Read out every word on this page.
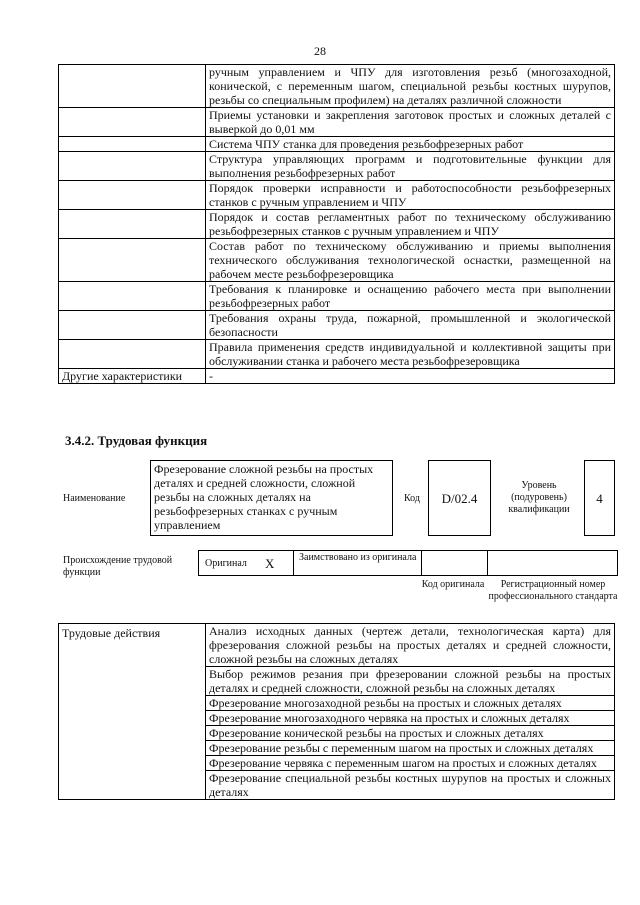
28
	ручным управлением и ЧПУ для изготовления резьб (многозаходной, конической, с переменным шагом, специальной резьбы костных шурупов, резьбы со специальным профилем) на деталях различной сложности
	Приемы установки и закрепления заготовок простых и сложных деталей с выверкой до 0,01 мм
	Система ЧПУ станка для проведения резьбофрезерных работ
	Структура управляющих программ и подготовительные функции для выполнения резьбофрезерных работ
	Порядок проверки исправности и работоспособности резьбофрезерных станков с ручным управлением и ЧПУ
	Порядок и состав регламентных работ по техническому обслуживанию резьбофрезерных станков с ручным управлением и ЧПУ
	Состав работ по техническому обслуживанию и приемы выполнения технического обслуживания технологической оснастки, размещенной на рабочем месте резьбофрезеровщика
	Требования к планировке и оснащению рабочего места при выполнении резьбофрезерных работ
	Требования охраны труда, пожарной, промышленной и экологической безопасности
	Правила применения средств индивидуальной и коллективной защиты при обслуживании станка и рабочего места резьбофрезеровщика
Другие характеристики	-
3.4.2. Трудовая функция
Наименование
Фрезерование сложной резьбы на простых деталях и средней сложности, сложной резьбы на сложных деталях на резьбофрезерных станках с ручным управлением
Код	D/02.4
Уровень (подуровень) квалификации
4
Происхождение трудовой функции
Оригинал X Заимствовано из оригинала
Код оригинала	Регистрационный номер профессионального стандарта
Трудовые действия	Анализ исходных данных (чертеж детали, технологическая карта) для фрезерования сложной резьбы на простых деталях и средней сложности, сложной резьбы на сложных деталях
Выбор режимов резания при фрезеровании сложной резьбы на простых деталях и средней сложности, сложной резьбы на сложных деталях
Фрезерование многозаходной резьбы на простых и сложных деталях
Фрезерование многозаходного червяка на простых и сложных деталях
Фрезерование конической резьбы на простых и сложных деталях
Фрезерование резьбы с переменным шагом на простых и сложных деталях
Фрезерование червяка с переменным шагом на простых и сложных деталях
Фрезерование специальной резьбы костных шурупов на простых и сложных деталях
